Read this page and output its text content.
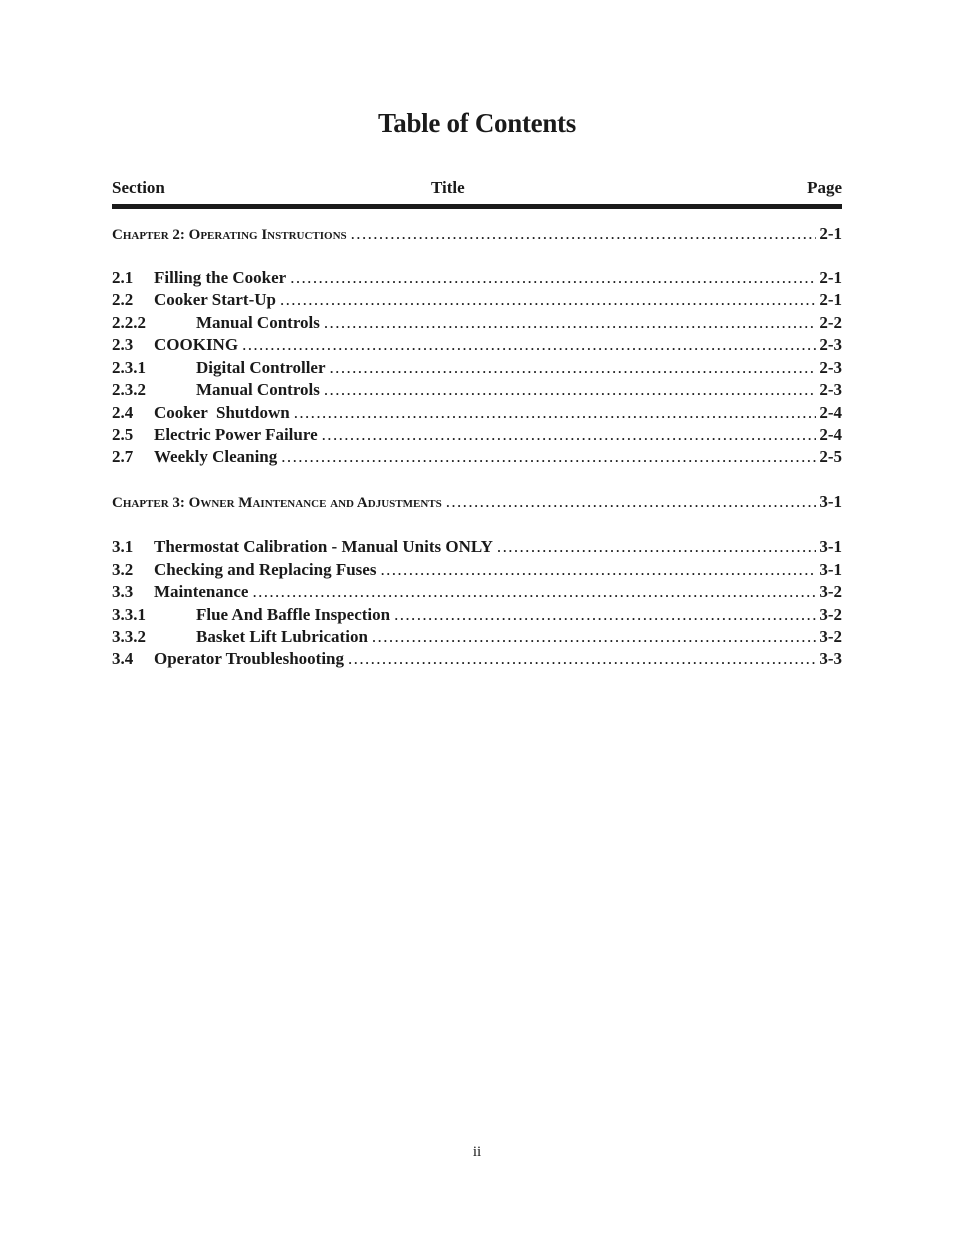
Table of Contents
Section	Title	Page
Chapter 2: Operating Instructions .....	2-1
2.1	Filling the Cooker .....	2-1
2.2	Cooker Start-Up .....	2-1
2.2.2	Manual Controls .....	2-2
2.3	COOKING .....	2-3
2.3.1	Digital Controller .....	2-3
2.3.2	Manual Controls .....	2-3
2.4	Cooker  Shutdown .....	2-4
2.5	Electric Power Failure .....	2-4
2.7	Weekly Cleaning .....	2-5
Chapter 3: Owner Maintenance and Adjustments .....	3-1
3.1	Thermostat Calibration - Manual Units ONLY .....	3-1
3.2	Checking and Replacing Fuses .....	3-1
3.3	Maintenance .....	3-2
3.3.1	Flue And Baffle Inspection .....	3-2
3.3.2	Basket Lift Lubrication .....	3-2
3.4	Operator Troubleshooting .....	3-3
ii
